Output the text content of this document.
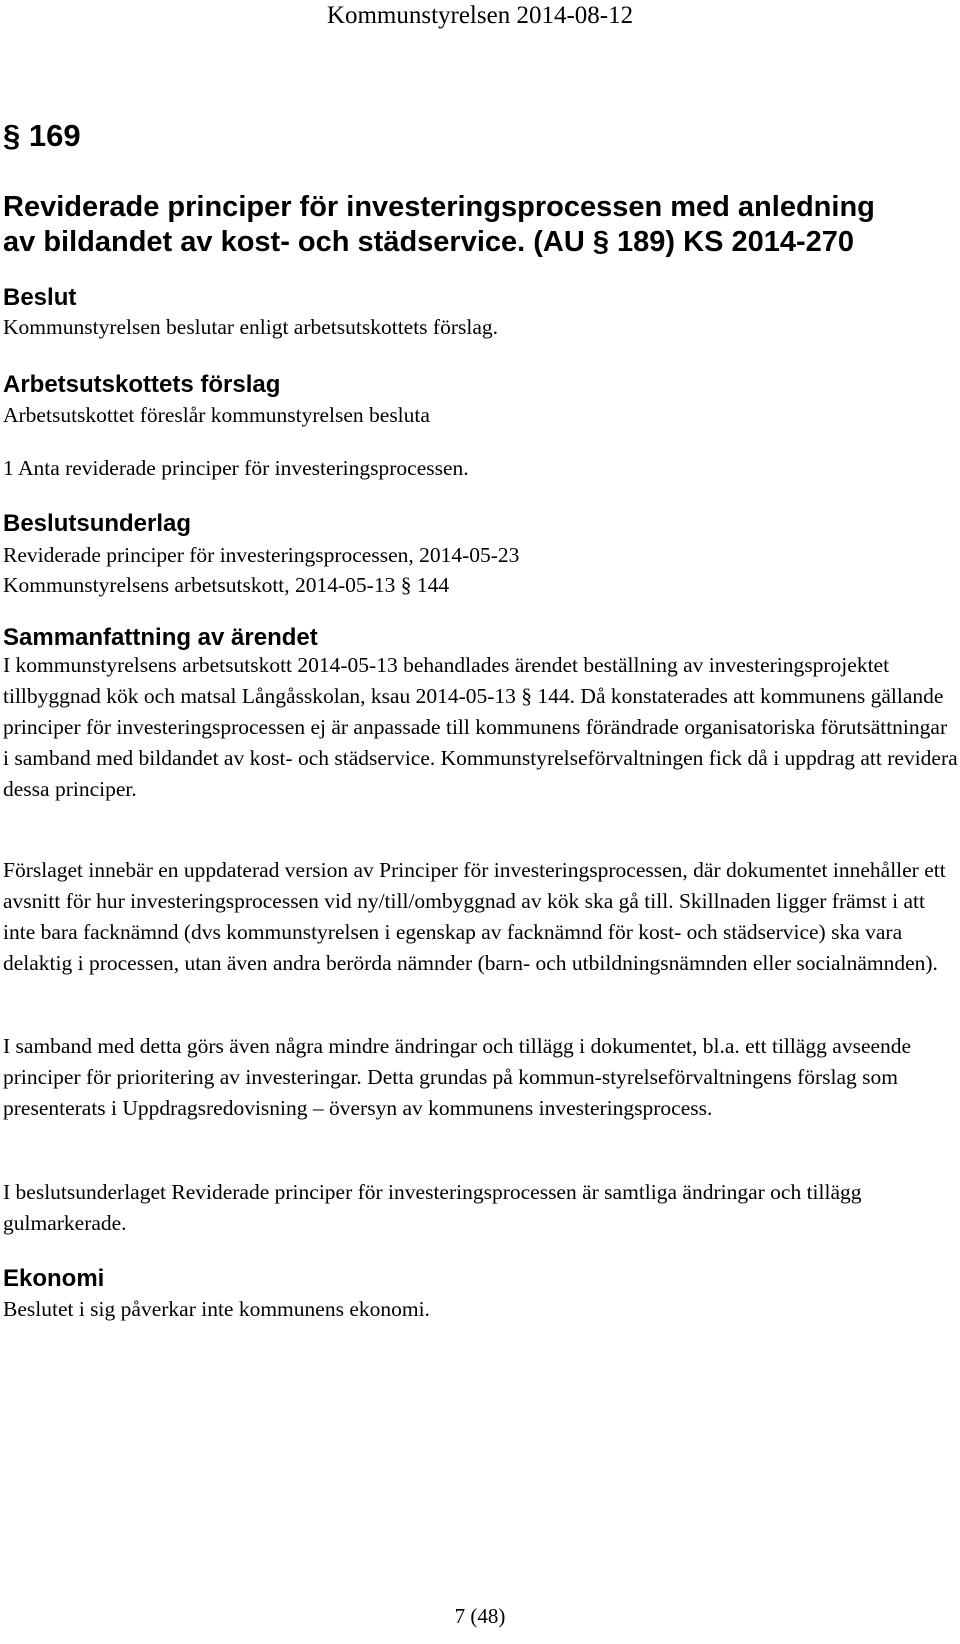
Kommunstyrelsen 2014-08-12
§ 169
Reviderade principer för investeringsprocessen med anledning
av bildandet av kost- och städservice. (AU § 189) KS 2014-270
Beslut
Kommunstyrelsen beslutar enligt arbetsutskottets förslag.
Arbetsutskottets förslag
Arbetsutskottet föreslår kommunstyrelsen besluta
1 Anta reviderade principer för investeringsprocessen.
Beslutsunderlag
Reviderade principer för investeringsprocessen, 2014-05-23
Kommunstyrelsens arbetsutskott, 2014-05-13 § 144
Sammanfattning av ärendet

I kommunstyrelsens arbetsutskott 2014-05-13 behandlades ärendet beställning av investeringsprojektet tillbyggnad kök och matsal Långåsskolan, ksau 2014-05-13 § 144. Då konstaterades att kommunens gällande principer för investeringsprocessen ej är anpassade till kommunens förändrade organisatoriska förutsättningar i samband med bildandet av kost- och städservice. Kommunstyrelseförvaltningen fick då i uppdrag att revidera dessa principer.

Förslaget innebär en uppdaterad version av Principer för investeringsprocessen, där dokumentet innehåller ett avsnitt för hur investeringsprocessen vid ny/till/ombyggnad av kök ska gå till. Skillnaden ligger främst i att inte bara facknämnd (dvs kommunstyrelsen i egenskap av facknämnd för kost- och städservice) ska vara delaktig i processen, utan även andra berörda nämnder (barn- och utbildningsnämnden eller socialnämnden).

I samband med detta görs även några mindre ändringar och tillägg i dokumentet, bl.a. ett tillägg avseende principer för prioritering av investeringar. Detta grundas på kommun-styrelseförvaltningens förslag som presenterats i Uppdragsredovisning – översyn av kommunens investeringsprocess.

I beslutsunderlaget Reviderade principer för investeringsprocessen är samtliga ändringar och tillägg gulmarkerade.

Ekonomi
Beslutet i sig påverkar inte kommunens ekonomi.
7 (48)
